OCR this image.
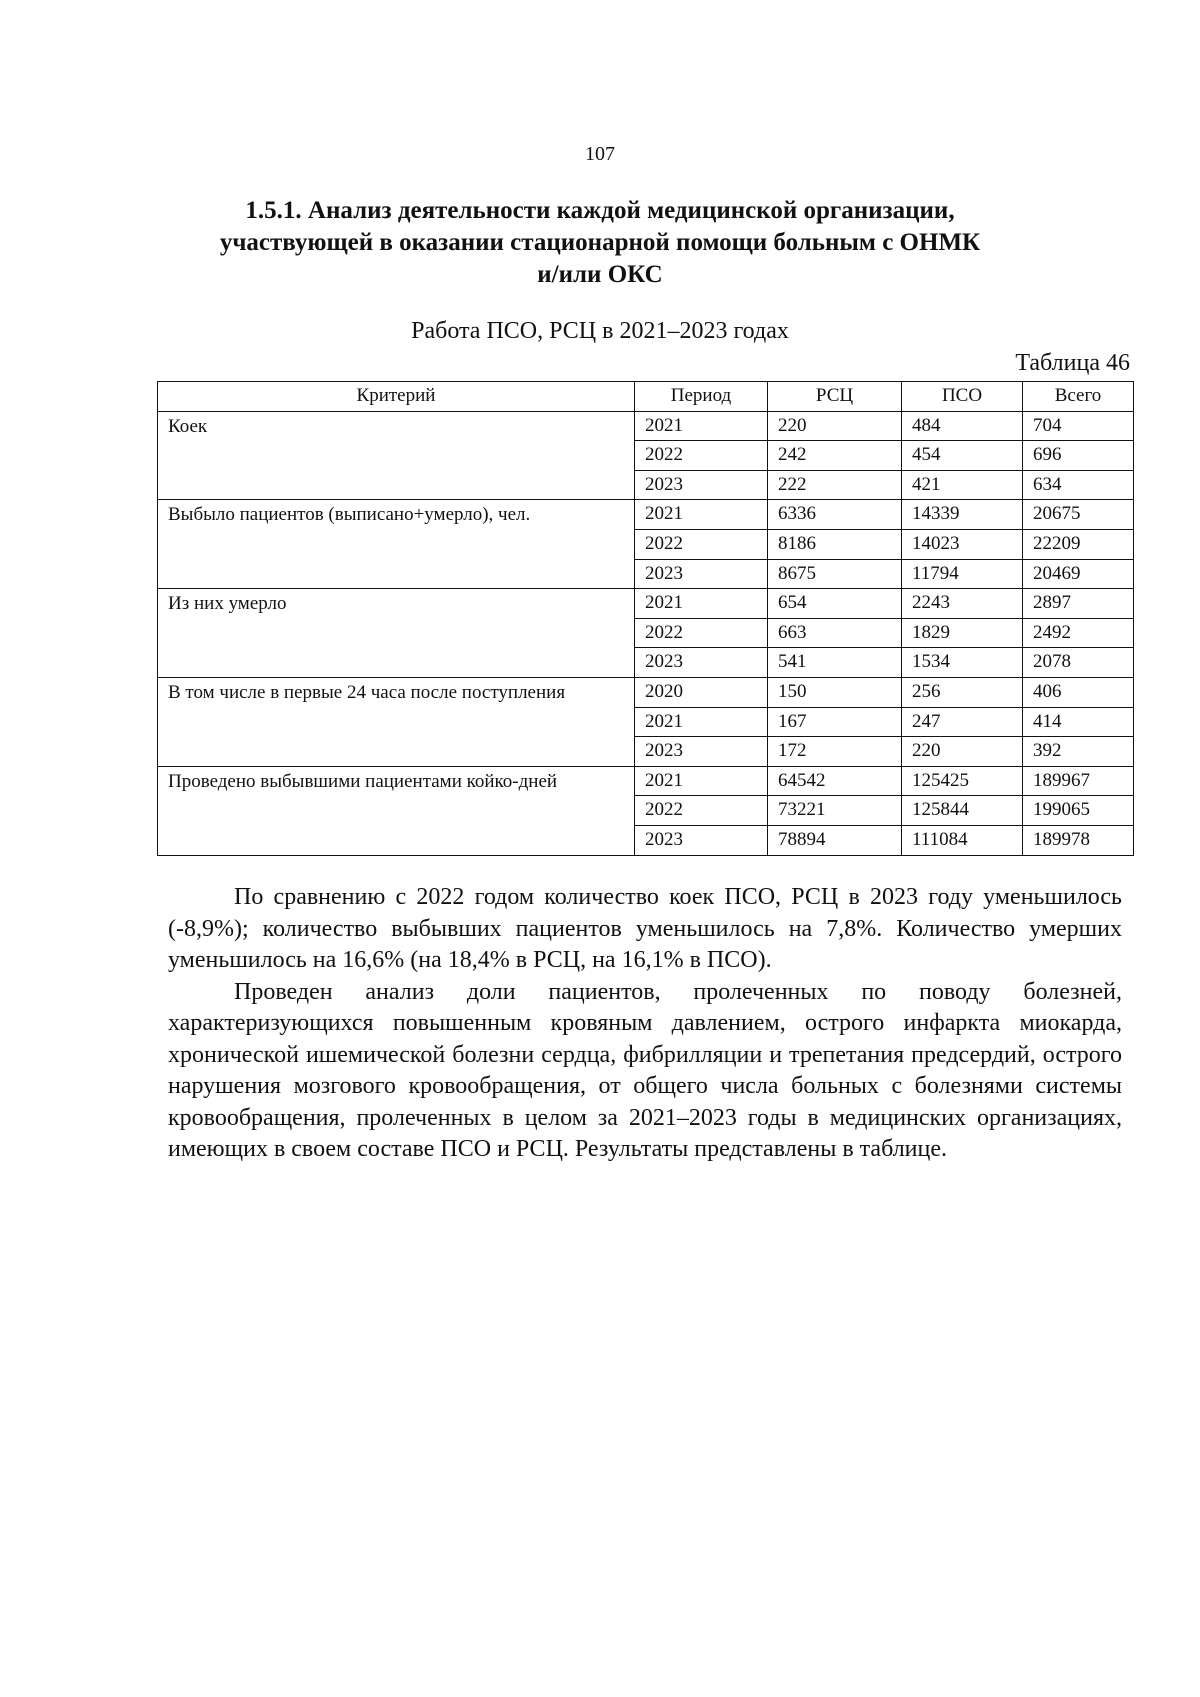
107
1.5.1. Анализ деятельности каждой медицинской организации,
участвующей в оказании стационарной помощи больным с ОНМК
и/или ОКС
Работа ПСО, РСЦ в 2021–2023 годах
Таблица 46
Критерий	Период	РСЦ	ПСО	Всего
Коек	2021	220	484	704
	2022	242	454	696
	2023	222	421	634
Выбыло пациентов (выписано+умерло), чел.	2021	6336	14339	20675
	2022	8186	14023	22209
	2023	8675	11794	20469
Из них умерло	2021	654	2243	2897
	2022	663	1829	2492
	2023	541	1534	2078
В том числе в первые 24 часа после поступления	2020	150	256	406
	2021	167	247	414
	2023	172	220	392
Проведено выбывшими пациентами койко-дней	2021	64542	125425	189967
	2022	73221	125844	199065
	2023	78894	111084	189978

По сравнению с 2022 годом количество коек ПСО, РСЦ в 2023 году уменьшилось (-8,9%); количество выбывших пациентов уменьшилось на 7,8%. Количество умерших уменьшилось на 16,6% (на 18,4% в РСЦ, на 16,1% в ПСО).

Проведен анализ доли пациентов, пролеченных по поводу болезней, характеризующихся повышенным кровяным давлением, острого инфаркта миокарда, хронической ишемической болезни сердца, фибрилляции и трепетания предсердий, острого нарушения мозгового кровообращения, от общего числа больных с болезнями системы кровообращения, пролеченных в целом за 2021–2023 годы в медицинских организациях, имеющих в своем составе ПСО и РСЦ. Результаты представлены в таблице.
